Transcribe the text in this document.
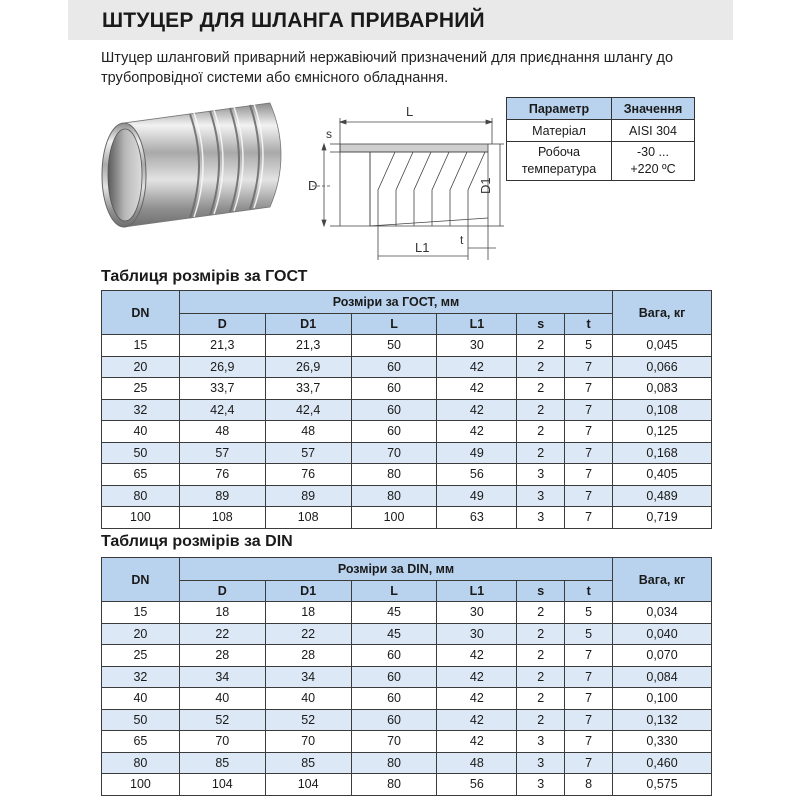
ШТУЦЕР ДЛЯ ШЛАНГА ПРИВАРНИЙ
Штуцер шланговий приварний нержавіючий призначений для приєднання шлангу до трубопровідної системи або ємнісного обладнання.
L
s
D	D1
L1	t
Параметр	Значення
Матеріал	AISI 304
Робоча
температура	-30 ...
+220 ºС
Таблиця розмірів за ГОСТ
DN	Розміри за ГОСТ, мм						Вага, кг
	D	D1	L	L1	s	t	
15	21,3	21,3	50	30	2	5	0,045
20	26,9	26,9	60	42	2	7	0,066
25	33,7	33,7	60	42	2	7	0,083
32	42,4	42,4	60	42	2	7	0,108
40	48	48	60	42	2	7	0,125
50	57	57	70	49	2	7	0,168
65	76	76	80	56	3	7	0,405
80	89	89	80	49	3	7	0,489
100	108	108	100	63	3	7	0,719
Таблиця розмірів за DIN
DN	Розміри за DIN, мм						Вага, кг
	D	D1	L	L1	s	t	
15	18	18	45	30	2	5	0,034
20	22	22	45	30	2	5	0,040
25	28	28	60	42	2	7	0,070
32	34	34	60	42	2	7	0,084
40	40	40	60	42	2	7	0,100
50	52	52	60	42	2	7	0,132
65	70	70	70	42	3	7	0,330
80	85	85	80	48	3	7	0,460
100	104	104	80	56	3	8	0,575
